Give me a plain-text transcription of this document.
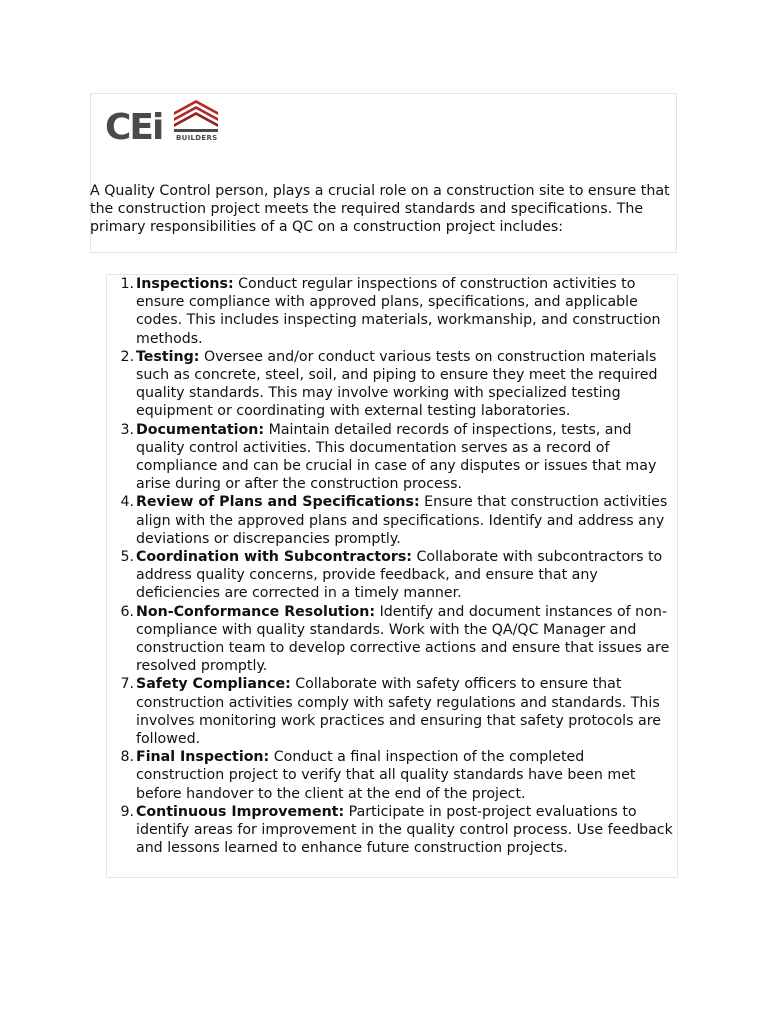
CEi BUILDERS

A Quality Control person, plays a crucial role on a construction site to ensure that the construction project meets the required standards and specifications. The primary responsibilities of a QC on a construction project includes:

1. Inspections: Conduct regular inspections of construction activities to ensure compliance with approved plans, specifications, and applicable codes. This includes inspecting materials, workmanship, and construction methods.
2. Testing: Oversee and/or conduct various tests on construction materials such as concrete, steel, soil, and piping to ensure they meet the required quality standards. This may involve working with specialized testing equipment or coordinating with external testing laboratories.
3. Documentation: Maintain detailed records of inspections, tests, and quality control activities. This documentation serves as a record of compliance and can be crucial in case of any disputes or issues that may arise during or after the construction process.
4. Review of Plans and Specifications: Ensure that construction activities align with the approved plans and specifications. Identify and address any deviations or discrepancies promptly.
5. Coordination with Subcontractors: Collaborate with subcontractors to address quality concerns, provide feedback, and ensure that any deficiencies are corrected in a timely manner.
6. Non-Conformance Resolution: Identify and document instances of non-compliance with quality standards. Work with the QA/QC Manager and construction team to develop corrective actions and ensure that issues are resolved promptly.
7. Safety Compliance: Collaborate with safety officers to ensure that construction activities comply with safety regulations and standards. This involves monitoring work practices and ensuring that safety protocols are followed.
8. Final Inspection: Conduct a final inspection of the completed construction project to verify that all quality standards have been met before handover to the client at the end of the project.
9. Continuous Improvement: Participate in post-project evaluations to identify areas for improvement in the quality control process. Use feedback and lessons learned to enhance future construction projects.
